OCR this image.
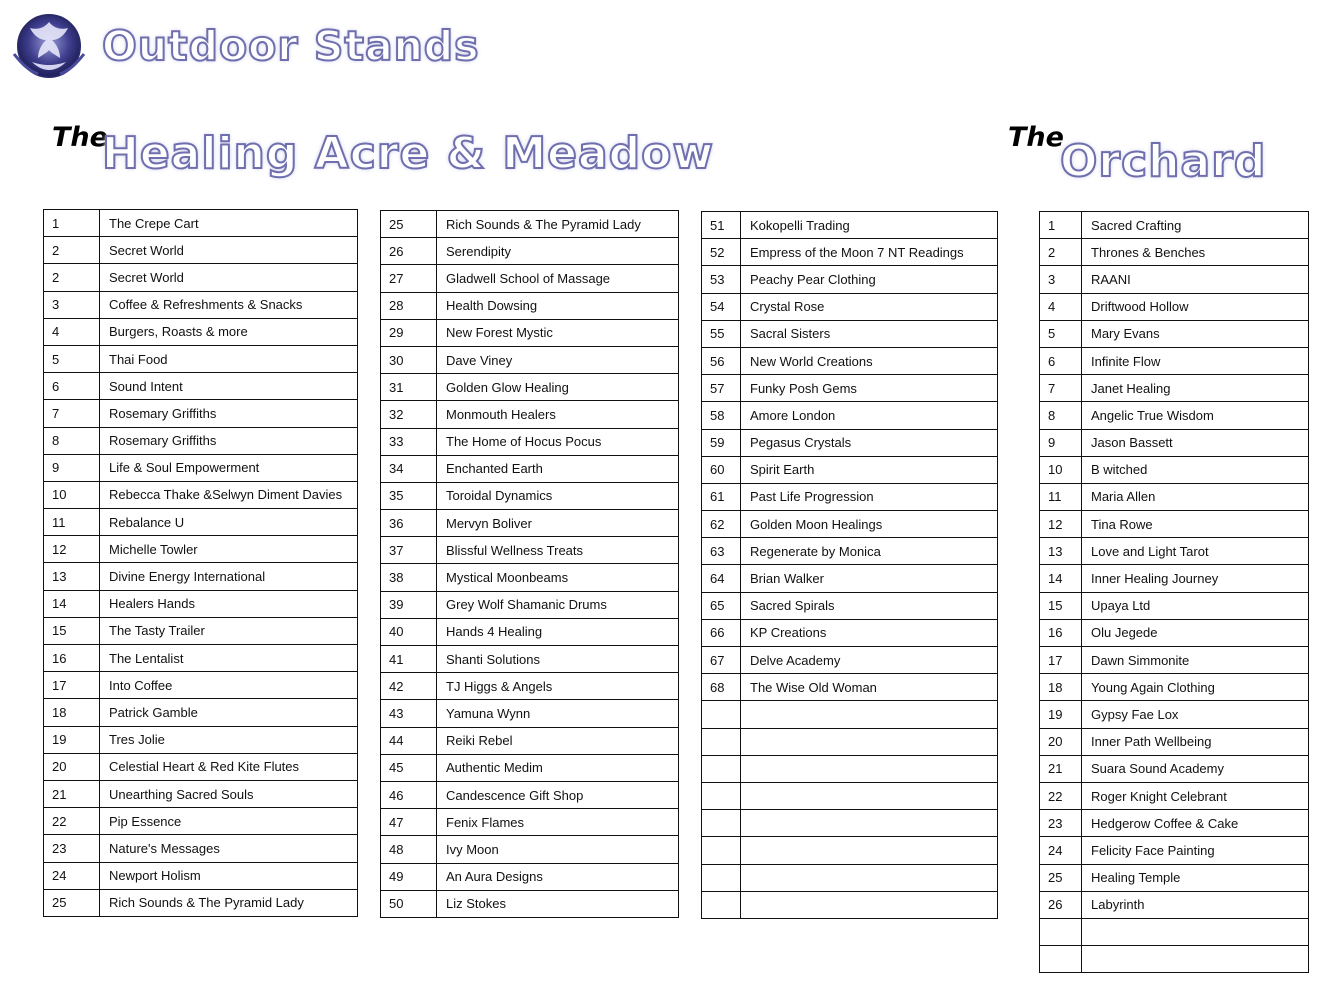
Outdoor Stands
The
Healing Acre & Meadow	The
Orchard
1	The Crepe Cart
2	Secret World
2	Secret World
3	Coffee & Refreshments & Snacks
4	Burgers, Roasts & more
5	Thai Food
6	Sound Intent
7	Rosemary Griffiths
8	Rosemary Griffiths
9	Life & Soul Empowerment
10	Rebecca Thake &Selwyn Diment Davies
11	Rebalance U
12	Michelle Towler
13	Divine Energy International
14	Healers Hands
15	The Tasty Trailer
16	The Lentalist
17	Into Coffee
18	Patrick Gamble
19	Tres Jolie
20	Celestial Heart & Red Kite Flutes
21	Unearthing Sacred Souls
22	Pip Essence
23	Nature's Messages
24	Newport Holism
25	Rich Sounds & The Pyramid Lady
25	Rich Sounds & The Pyramid Lady
26	Serendipity
27	Gladwell School of Massage
28	Health Dowsing
29	New Forest Mystic
30	Dave Viney
31	Golden Glow Healing
32	Monmouth Healers
33	The Home of Hocus Pocus
34	Enchanted Earth
35	Toroidal Dynamics
36	Mervyn Boliver
37	Blissful Wellness Treats
38	Mystical Moonbeams
39	Grey Wolf Shamanic Drums
40	Hands 4 Healing
41	Shanti Solutions
42	TJ Higgs & Angels
43	Yamuna Wynn
44	Reiki Rebel
45	Authentic Medim
46	Candescence Gift Shop
47	Fenix Flames
48	Ivy Moon
49	An Aura Designs
50	Liz Stokes
51	Kokopelli Trading
52	Empress of the Moon 7 NT Readings
53	Peachy Pear Clothing
54	Crystal Rose
55	Sacral Sisters
56	New World Creations
57	Funky Posh Gems
58	Amore London
59	Pegasus Crystals
60	Spirit Earth
61	Past Life Progression
62	Golden Moon Healings
63	Regenerate by Monica
64	Brian Walker
65	Sacred Spirals
66	KP Creations
67	Delve Academy
68	The Wise Old Woman

1	Sacred Crafting
2	Thrones & Benches
3	RAANI
4	Driftwood Hollow
5	Mary Evans
6	Infinite Flow
7	Janet Healing
8	Angelic True Wisdom
9	Jason Bassett
10	B witched
11	Maria Allen
12	Tina Rowe
13	Love and Light Tarot
14	Inner Healing Journey
15	Upaya Ltd
16	Olu Jegede
17	Dawn Simmonite
18	Young Again Clothing
19	Gypsy Fae Lox
20	Inner Path Wellbeing
21	Suara Sound Academy
22	Roger Knight Celebrant
23	Hedgerow Coffee & Cake
24	Felicity Face Painting
25	Healing Temple
26	Labyrinth
